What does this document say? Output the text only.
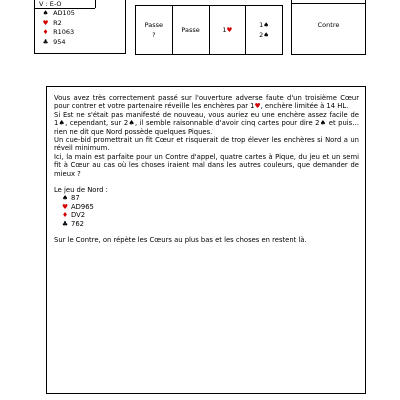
V : E-O
♠ AD105
♥ R2
♦ R1063
♣ 954
Passe
?
Passe	1♥
1♠
2♠
Contre

Vous avez très correctement passé sur l'ouverture adverse faute d'un troisième Cœur pour contrer et votre partenaire réveille les enchères par 1♥, enchère limitée à 14 HL.

Si Est ne s'était pas manifesté de nouveau, vous auriez eu une enchère assez facile de 1♠, cependant, sur 2♠, il semble raisonnable d'avoir cinq cartes pour dire 2♠ et puis… rien ne dit que Nord possède quelques Piques.

Un cue-bid promettrait un fit Cœur et risquerait de trop élever les enchères si Nord a un réveil minimum.

Ici, la main est parfaite pour un Contre d'appel, quatre cartes à Pique, du jeu et un semi fit à Cœur au cas où les choses iraient mal dans les autres couleurs, que demander de mieux ?

Le jeu de Nord :

♠ 87
♥ AD965
♦ DV2
♣ 762

Sur le Contre, on répète les Cœurs au plus bas et les choses en restent là.
